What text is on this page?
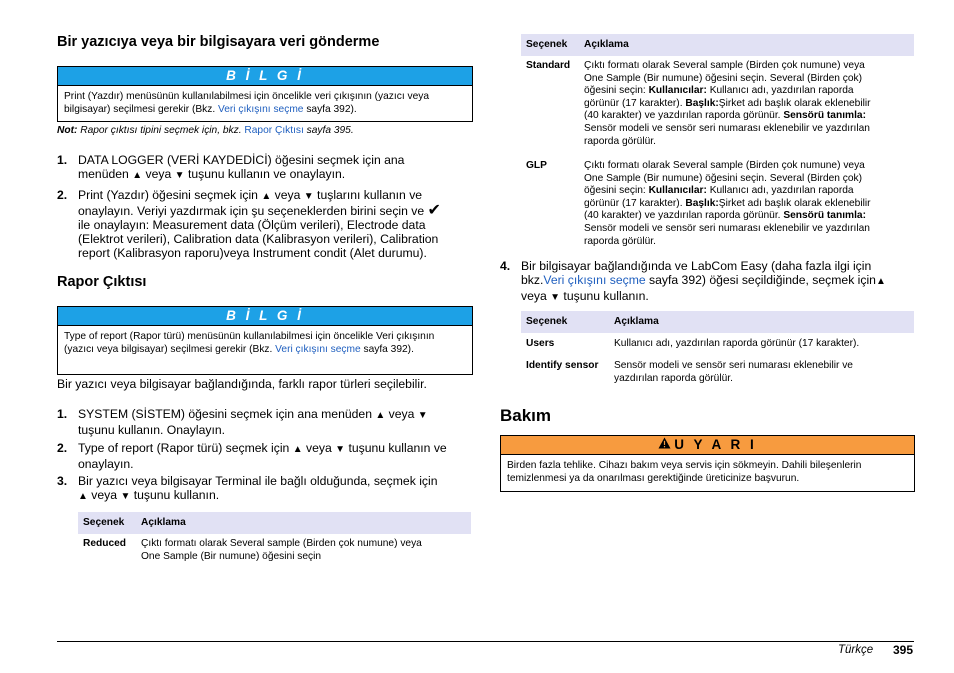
Bir yazıcıya veya bir bilgisayara veri gönderme
B İ L G İ
Print (Yazdır) menüsünün kullanılabilmesi için öncelikle veri çıkışının (yazıcı veya bilgisayar) seçilmesi gerekir (Bkz. Veri çıkışını seçme sayfa 392).
Not: Rapor çıktısı tipini seçmek için, bkz. Rapor Çıktısı sayfa 395.
1. DATA LOGGER (VERİ KAYDEDİCİ) öğesini seçmek için ana
menüden ▲ veya ▼ tuşunu kullanın ve onaylayın.
2. Print (Yazdır) öğesini seçmek için ▲ veya ▼ tuşlarını kullanın ve
onaylayın. Veriyi yazdırmak için şu seçeneklerden birini seçin ve ✔
ile onaylayın: Measurement data (Ölçüm verileri), Electrode data
(Elektrot verileri), Calibration data (Kalibrasyon verileri), Calibration
report (Kalibrasyon raporu)veya Instrument condit (Alet durumu).
Rapor Çıktısı
B İ L G İ
Type of report (Rapor türü) menüsünün kullanılabilmesi için öncelikle Veri çıkışının (yazıcı veya bilgisayar) seçilmesi gerekir (Bkz. Veri çıkışını seçme sayfa 392).
Bir yazıcı veya bilgisayar bağlandığında, farklı rapor türleri seçilebilir.
1. SYSTEM (SİSTEM) öğesini seçmek için ana menüden ▲ veya ▼
tuşunu kullanın. Onaylayın.
2. Type of report (Rapor türü) seçmek için ▲ veya ▼ tuşunu kullanın ve
onaylayın.
3. Bir yazıcı veya bilgisayar Terminal ile bağlı olduğunda, seçmek için
▲ veya ▼ tuşunu kullanın.
Seçenek Açıklama
Reduced Çıktı formatı olarak Several sample (Birden çok numune) veya
One Sample (Bir numune) öğesini seçin
Seçenek Açıklama
Standard Çıktı formatı olarak Several sample (Birden çok numune) veya
One Sample (Bir numune) öğesini seçin. Several (Birden çok)
öğesini seçin: Kullanıcılar: Kullanıcı adı, yazdırılan raporda
görünür (17 karakter). Başlık:Şirket adı başlık olarak eklenebilir
(40 karakter) ve yazdırılan raporda görünür. Sensörü tanımla:
Sensör modeli ve sensör seri numarası eklenebilir ve yazdırılan
raporda görülür.
GLP	Çıktı formatı olarak Several sample (Birden çok numune) veya
One Sample (Bir numune) öğesini seçin. Several (Birden çok)
öğesini seçin: Kullanıcılar: Kullanıcı adı, yazdırılan raporda
görünür (17 karakter). Başlık:Şirket adı başlık olarak eklenebilir
(40 karakter) ve yazdırılan raporda görünür. Sensörü tanımla:
Sensör modeli ve sensör seri numarası eklenebilir ve yazdırılan
raporda görülür.
4. Bir bilgisayar bağlandığında ve LabCom Easy (daha fazla ilgi için
bkz.Veri çıkışını seçme sayfa 392) öğesi seçildiğinde, seçmek için▲
veya ▼ tuşunu kullanın.
Seçenek	Açıklama
Users	Kullanıcı adı, yazdırılan raporda görünür (17 karakter).
Identify sensor Sensör modeli ve sensör seri numarası eklenebilir ve
yazdırılan raporda görülür.
Bakım
U Y A R I
Birden fazla tehlike. Cihazı bakım veya servis için sökmeyin. Dahili bileşenlerin
temizlenmesi ya da onarılması gerektiğinde üreticinize başvurun.
Türkçe 395
